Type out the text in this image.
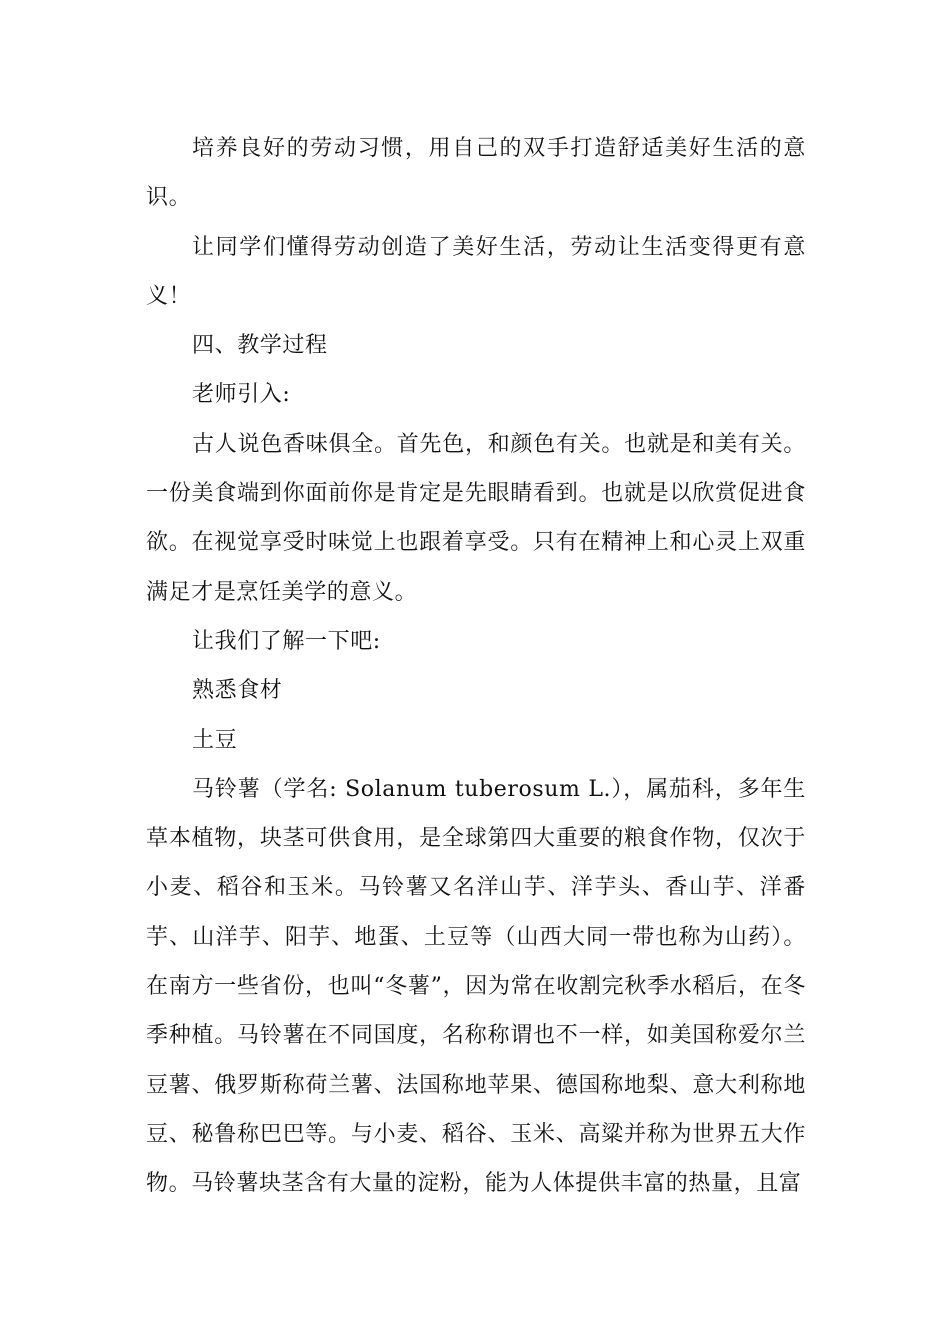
培养良好的劳动习惯，用自己的双手打造舒适美好生活的意识。

让同学们懂得劳动创造了美好生活，劳动让生活变得更有意义！

四、教学过程

老师引入:

古人说色香味俱全。首先色，和颜色有关。也就是和美有关。一份美食端到你面前你是肯定是先眼睛看到。也就是以欣赏促进食欲。在视觉享受时味觉上也跟着享受。只有在精神上和心灵上双重满足才是烹饪美学的意义。

让我们了解一下吧:

熟悉食材

土豆

马铃薯（学名: Solanum tuberosum L.），属茄科，多年生草本植物，块茎可供食用，是全球第四大重要的粮食作物，仅次于小麦、稻谷和玉米。马铃薯又名洋山芋、洋芋头、香山芋、洋番芋、山洋芋、阳芋、地蛋、土豆等（山西大同一带也称为山药）。在南方一些省份，也叫“冬薯”，因为常在收割完秋季水稻后，在冬季种植。马铃薯在不同国度，名称称谓也不一样，如美国称爱尔兰豆薯、俄罗斯称荷兰薯、法国称地苹果、德国称地梨、意大利称地豆、秘鲁称巴巴等。与小麦、稻谷、玉米、高粱并称为世界五大作物。马铃薯块茎含有大量的淀粉，能为人体提供丰富的热量，且富
